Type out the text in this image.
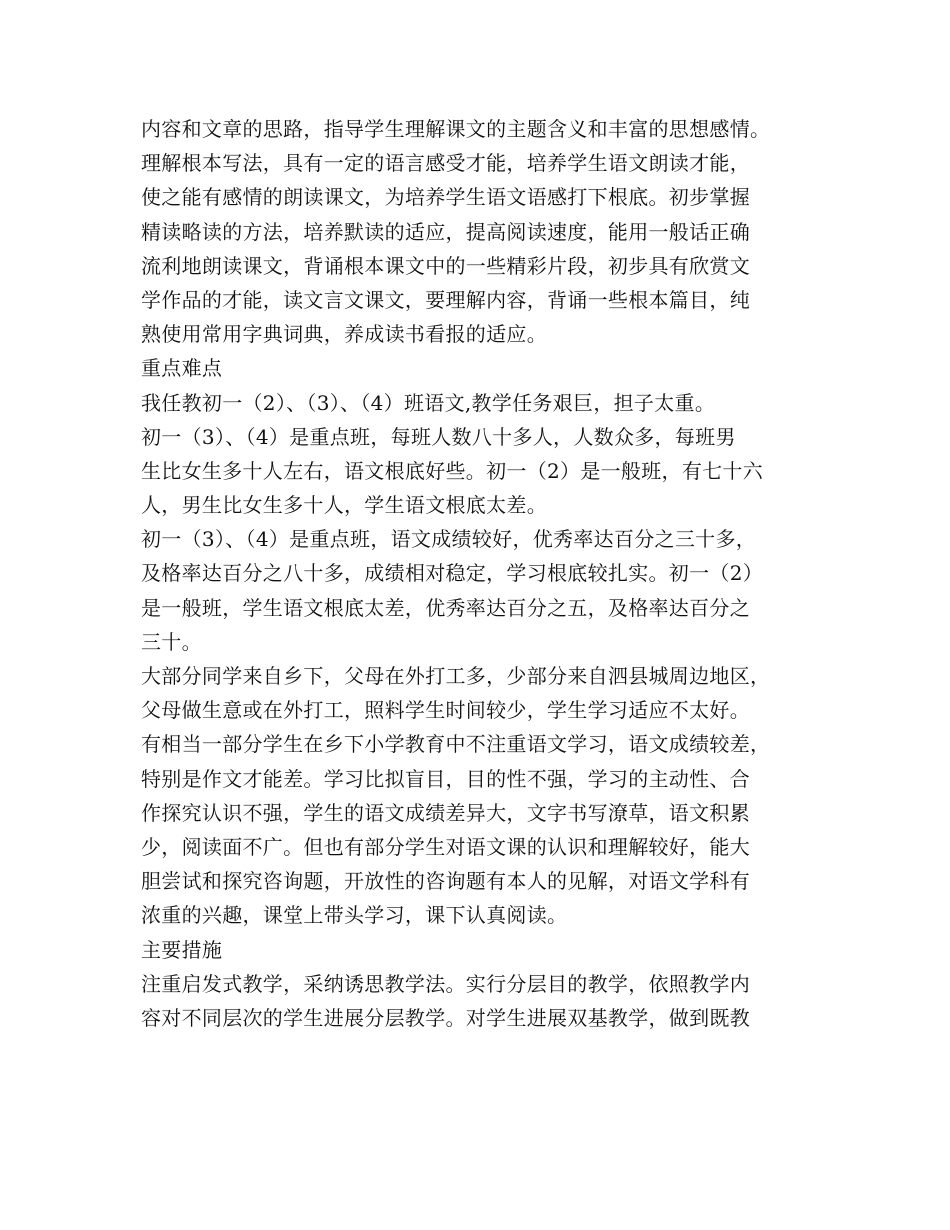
内容和文章的思路，指导学生理解课文的主题含义和丰富的思想感情。
理解根本写法，具有一定的语言感受才能，培养学生语文朗读才能，
使之能有感情的朗读课文，为培养学生语文语感打下根底。初步掌握
精读略读的方法，培养默读的适应，提高阅读速度，能用一般话正确
流利地朗读课文，背诵根本课文中的一些精彩片段，初步具有欣赏文
学作品的才能，读文言文课文，要理解内容，背诵一些根本篇目，纯
熟使用常用字典词典，养成读书看报的适应。
重点难点
我任教初一（2）、（3）、（4）班语文,教学任务艰巨，担子太重。
初一（3）、（4）是重点班，每班人数八十多人，人数众多，每班男
生比女生多十人左右，语文根底好些。初一（2）是一般班，有七十六
人，男生比女生多十人，学生语文根底太差。
初一（3）、（4）是重点班，语文成绩较好，优秀率达百分之三十多，
及格率达百分之八十多，成绩相对稳定，学习根底较扎实。初一（2）
是一般班，学生语文根底太差，优秀率达百分之五，及格率达百分之
三十。
大部分同学来自乡下，父母在外打工多，少部分来自泗县城周边地区，
父母做生意或在外打工，照料学生时间较少，学生学习适应不太好。
有相当一部分学生在乡下小学教育中不注重语文学习，语文成绩较差，
特别是作文才能差。学习比拟盲目，目的性不强，学习的主动性、合
作探究认识不强，学生的语文成绩差异大，文字书写潦草，语文积累
少，阅读面不广。但也有部分学生对语文课的认识和理解较好，能大
胆尝试和探究咨询题，开放性的咨询题有本人的见解，对语文学科有
浓重的兴趣，课堂上带头学习，课下认真阅读。
主要措施
注重启发式教学，采纳诱思教学法。实行分层目的教学，依照教学内
容对不同层次的学生进展分层教学。对学生进展双基教学，做到既教
